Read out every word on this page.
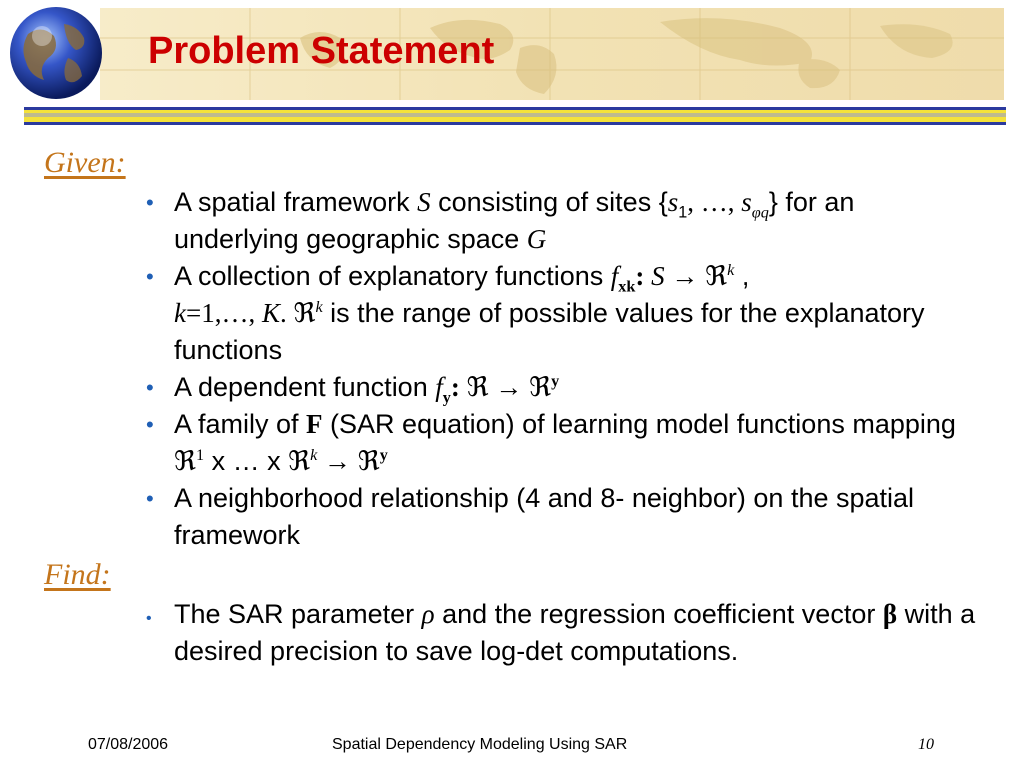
Problem Statement
Given:
• A spatial framework S consisting of sites {$s_1$, …, $s_{\varphi q}$} for an underlying geographic space G
• A collection of explanatory functions $f_{xk}$: S → ℜ$^k$ ,
k=1,…, K. ℜ$^k$ is the range of possible values for the explanatory functions
• A dependent function $f_y$: ℜ → ℜ$^y$
• A family of F (SAR equation) of learning model functions mapping ℜ$^1$ x … x ℜ$^k$ → ℜ$^y$
• A neighborhood relationship (4 and 8- neighbor) on the spatial framework
Find:
• The SAR parameter ρ and the regression coefficient vector β with a desired precision to save log-det computations.
07/08/2006	Spatial Dependency Modeling Using SAR	10
